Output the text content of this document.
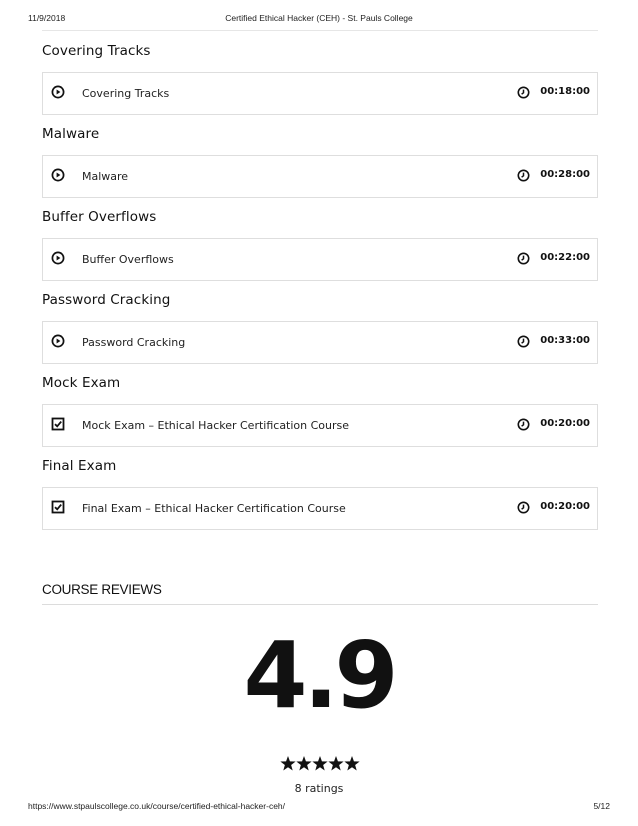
11/9/2018	Certified Ethical Hacker (CEH) - St. Pauls College
Covering Tracks
Covering Tracks	00:18:00
Malware
Malware	00:28:00
Buffer Overflows
Buffer Overflows	00:22:00
Password Cracking
Password Cracking	00:33:00
Mock Exam
Mock Exam – Ethical Hacker Certification Course	00:20:00
Final Exam
Final Exam – Ethical Hacker Certification Course	00:20:00
COURSE REVIEWS
4.9
8 ratings
https://www.stpaulscollege.co.uk/course/certified-ethical-hacker-ceh/	5/12
